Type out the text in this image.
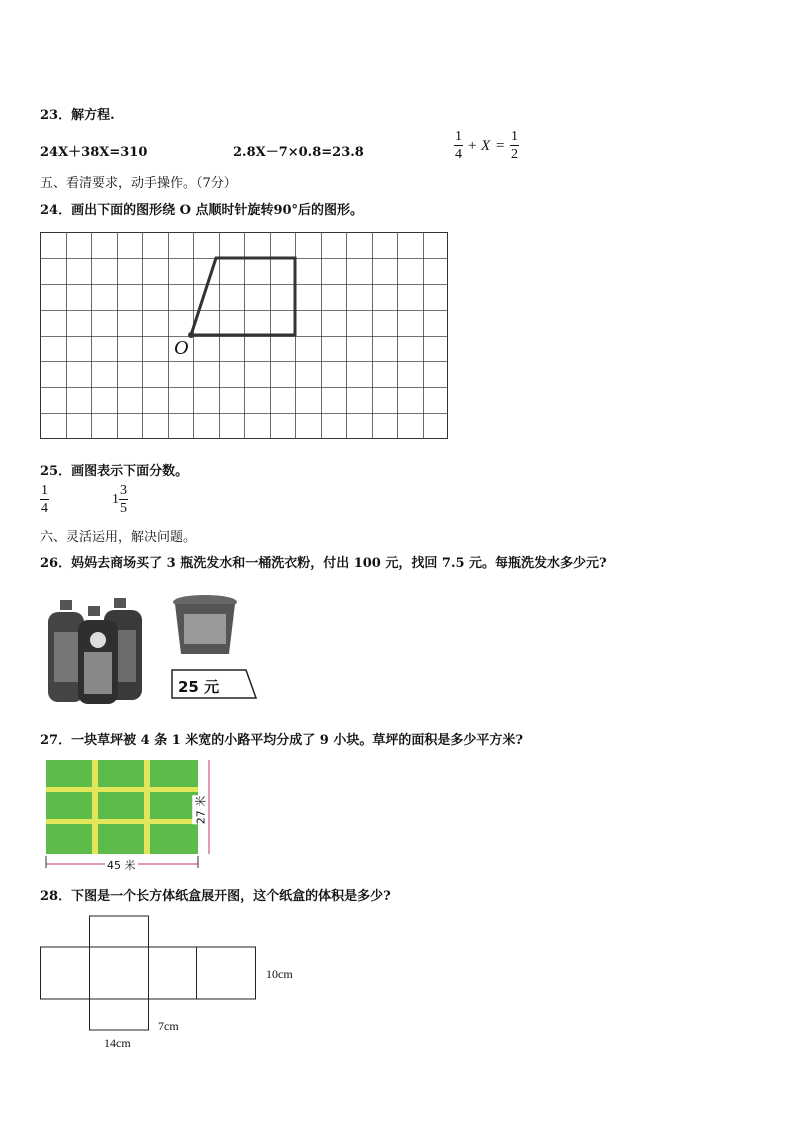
23．解方程.
24X＋38X=310	2.8X－7×0.8=23.8
1
4
+ X =
1
2
五、看清要求，动手操作。（7分）
24．画出下面的图形绕 O 点顺时针旋转90°后的图形。
O
25．画图表示下面分数。
1
4
1
3
5
六、灵活运用，解决问题。
26．妈妈去商场买了 3 瓶洗发水和一桶洗衣粉，付出 100 元，找回 7.5 元。每瓶洗发水多少元?
25 元
27．一块草坪被 4 条 1 米宽的小路平均分成了 9 小块。草坪的面积是多少平方米?
45 米
27 米
28．下图是一个长方体纸盒展开图，这个纸盒的体积是多少?
10cm
7cm
14cm
